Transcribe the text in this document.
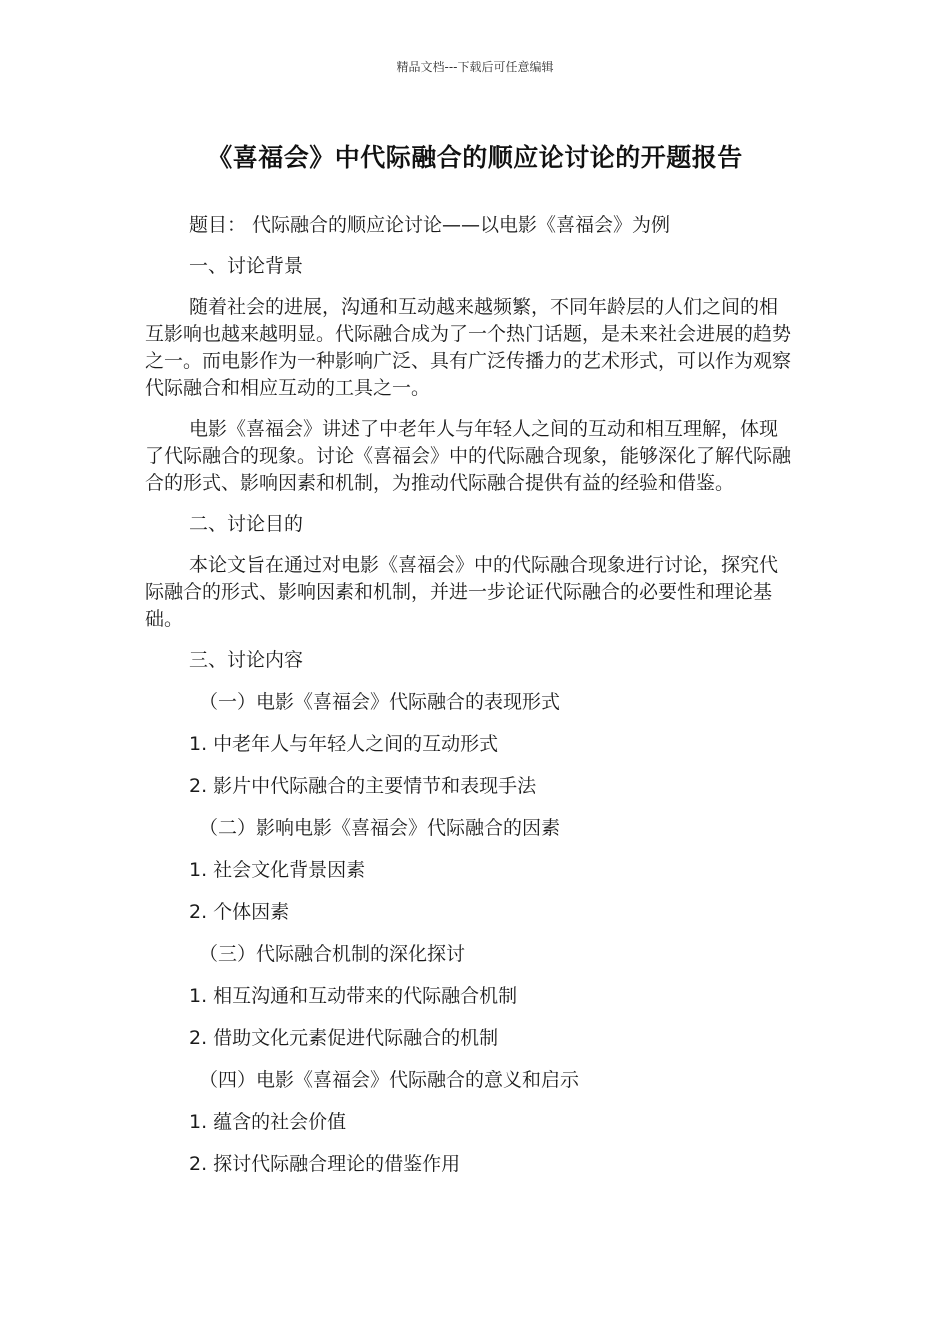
精品文档---下载后可任意编辑
《喜福会》中代际融合的顺应论讨论的开题报告

题目： 代际融合的顺应论讨论——以电影《喜福会》为例

一、讨论背景

随着社会的进展，沟通和互动越来越频繁，不同年龄层的人们之间的相互影响也越来越明显。代际融合成为了一个热门话题，是未来社会进展的趋势之一。而电影作为一种影响广泛、具有广泛传播力的艺术形式，可以作为观察代际融合和相应互动的工具之一。

电影《喜福会》讲述了中老年人与年轻人之间的互动和相互理解，体现了代际融合的现象。讨论《喜福会》中的代际融合现象，能够深化了解代际融合的形式、影响因素和机制，为推动代际融合提供有益的经验和借鉴。

二、讨论目的

本论文旨在通过对电影《喜福会》中的代际融合现象进行讨论，探究代际融合的形式、影响因素和机制，并进一步论证代际融合的必要性和理论基础。

三、讨论内容

（一）电影《喜福会》代际融合的表现形式

1. 中老年人与年轻人之间的互动形式

2. 影片中代际融合的主要情节和表现手法

（二）影响电影《喜福会》代际融合的因素

1. 社会文化背景因素

2. 个体因素

（三）代际融合机制的深化探讨

1. 相互沟通和互动带来的代际融合机制

2. 借助文化元素促进代际融合的机制

（四）电影《喜福会》代际融合的意义和启示

1. 蕴含的社会价值

2. 探讨代际融合理论的借鉴作用
